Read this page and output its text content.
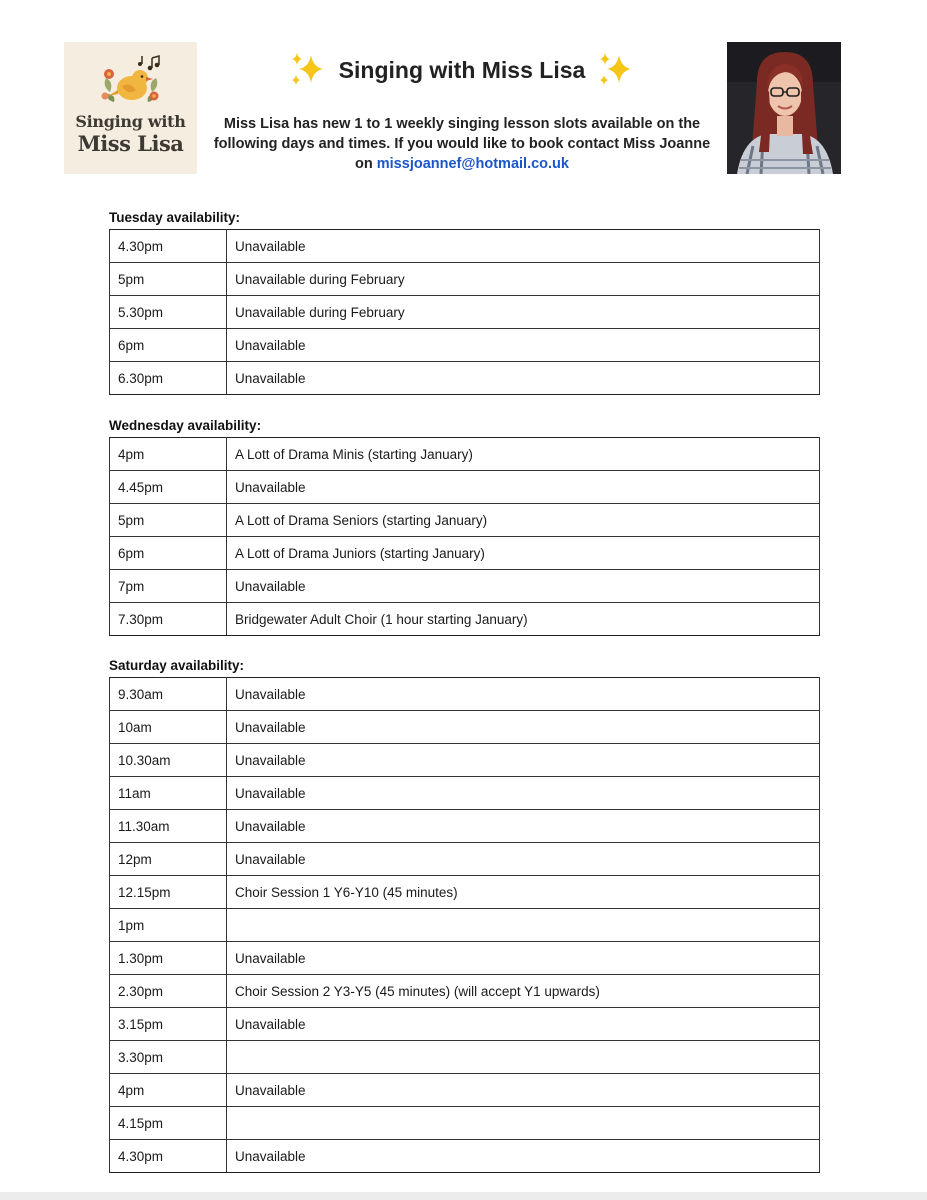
Singing with
Miss Lisa
Singing with Miss Lisa
Miss Lisa has new 1 to 1 weekly singing lesson slots available on the following days and times. If you would like to book contact Miss Joanne on missjoannef@hotmail.co.uk
Tuesday availability:
4.30pm	Unavailable
5pm	Unavailable during February
5.30pm	Unavailable during February
6pm	Unavailable
6.30pm	Unavailable
Wednesday availability:
4pm	A Lott of Drama Minis (starting January)
4.45pm	Unavailable
5pm	A Lott of Drama Seniors (starting January)
6pm	A Lott of Drama Juniors (starting January)
7pm	Unavailable
7.30pm	Bridgewater Adult Choir (1 hour starting January)
Saturday availability:
9.30am	Unavailable
10am	Unavailable
10.30am	Unavailable
11am	Unavailable
11.30am	Unavailable
12pm	Unavailable
12.15pm	Choir Session 1 Y6-Y10 (45 minutes)
1pm	
1.30pm	Unavailable
2.30pm	Choir Session 2 Y3-Y5 (45 minutes) (will accept Y1 upwards)
3.15pm	Unavailable
3.30pm	
4pm	Unavailable
4.15pm	
4.30pm	Unavailable
